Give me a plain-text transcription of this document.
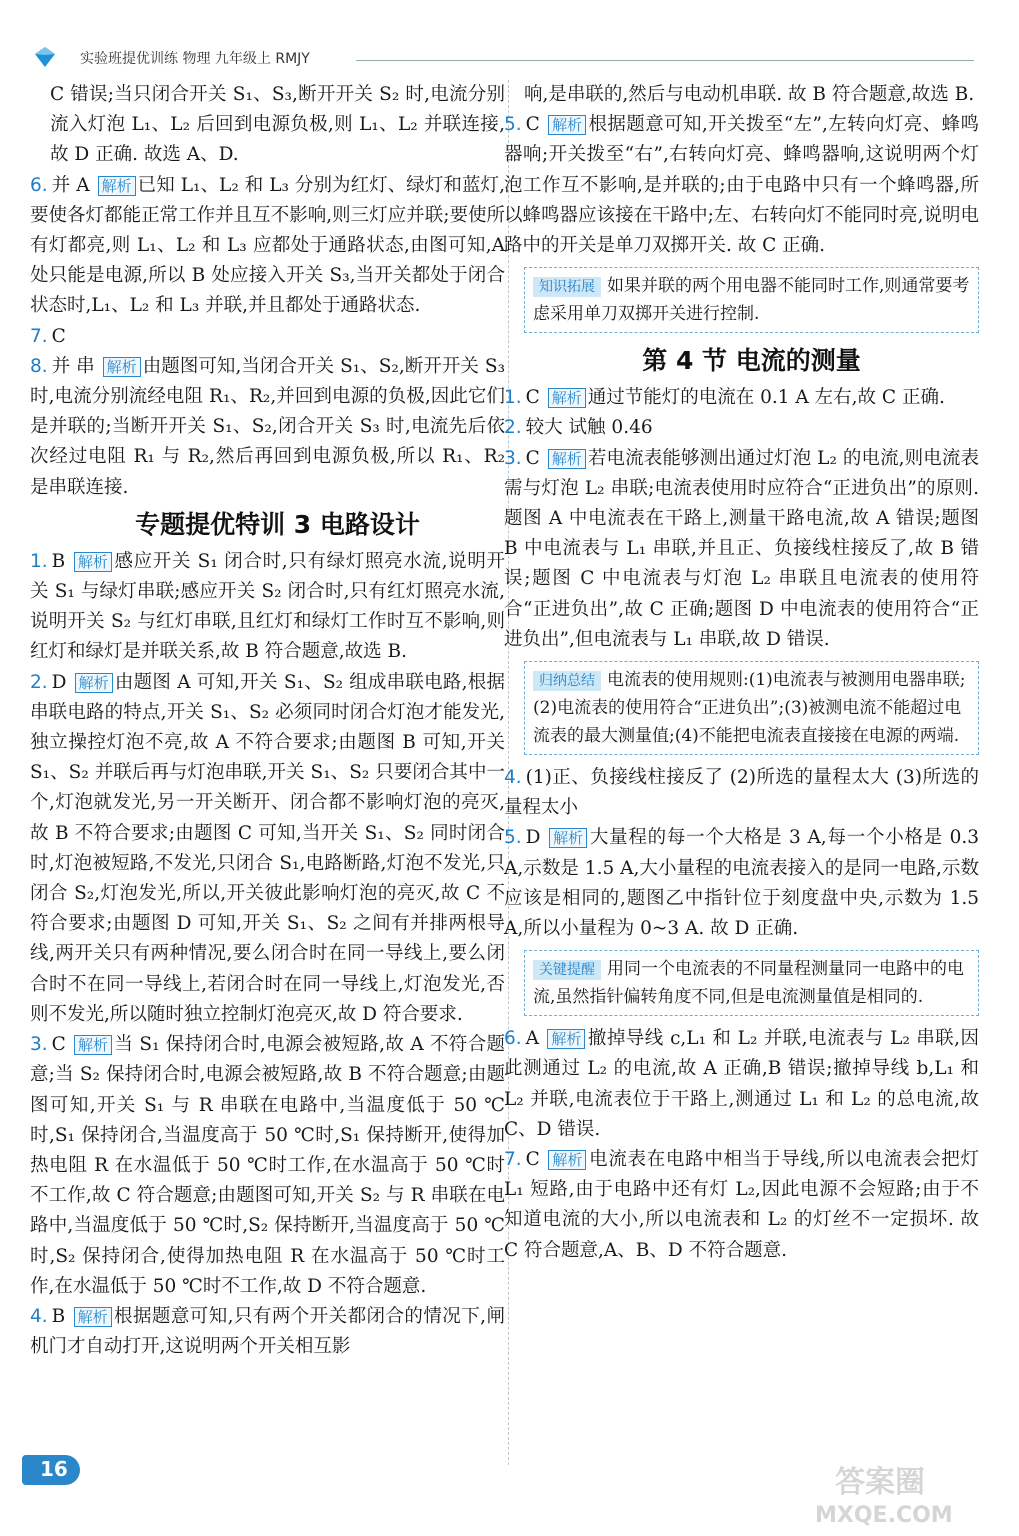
实验班提优训练 物理 九年级上 RMJY

C 错误;当只闭合开关 S₁、S₃,断开开关 S₂ 时,电流分别流入灯泡 L₁、L₂ 后回到电源负极,则 L₁、L₂ 并联连接,故 D 正确. 故选 A、D.

6. 并 A 解析 已知 L₁、L₂ 和 L₃ 分别为红灯、绿灯和蓝灯,要使各灯都能正常工作并且互不影响,则三灯应并联;要使所有灯都亮,则 L₁、L₂ 和 L₃ 应都处于通路状态,由图可知,A 处只能是电源,所以 B 处应接入开关 S₃,当开关都处于闭合状态时,L₁、L₂ 和 L₃ 并联,并且都处于通路状态.

7. C

8. 并 串 解析 由题图可知,当闭合开关 S₁、S₂,断开开关 S₃ 时,电流分别流经电阻 R₁、R₂,并回到电源的负极,因此它们是并联的;当断开开关 S₁、S₂,闭合开关 S₃ 时,电流先后依次经过电阻 R₁ 与 R₂,然后再回到电源负极,所以 R₁、R₂ 是串联连接.

专题提优特训 3 电路设计

1. B 解析 感应开关 S₁ 闭合时,只有绿灯照亮水流,说明开关 S₁ 与绿灯串联;感应开关 S₂ 闭合时,只有红灯照亮水流,说明开关 S₂ 与红灯串联,且红灯和绿灯工作时互不影响,则红灯和绿灯是并联关系,故 B 符合题意,故选 B.

2. D 解析 由题图 A 可知,开关 S₁、S₂ 组成串联电路,根据串联电路的特点,开关 S₁、S₂ 必须同时闭合灯泡才能发光,独立操控灯泡不亮,故 A 不符合要求;由题图 B 可知,开关 S₁、S₂ 并联后再与灯泡串联,开关 S₁、S₂ 只要闭合其中一个,灯泡就发光,另一开关断开、闭合都不影响灯泡的亮灭,故 B 不符合要求;由题图 C 可知,当开关 S₁、S₂ 同时闭合时,灯泡被短路,不发光,只闭合 S₁,电路断路,灯泡不发光,只闭合 S₂,灯泡发光,所以,开关彼此影响灯泡的亮灭,故 C 不符合要求;由题图 D 可知,开关 S₁、S₂ 之间有并排两根导线,两开关只有两种情况,要么闭合时在同一导线上,要么闭合时不在同一导线上,若闭合时在同一导线上,灯泡发光,否则不发光,所以随时独立控制灯泡亮灭,故 D 符合要求.

3. C 解析 当 S₁ 保持闭合时,电源会被短路,故 A 不符合题意;当 S₂ 保持闭合时,电源会被短路,故 B 不符合题意;由题图可知,开关 S₁ 与 R 串联在电路中,当温度低于 50 ℃时,S₁ 保持闭合,当温度高于 50 ℃时,S₁ 保持断开,使得加热电阻 R 在水温低于 50 ℃时工作,在水温高于 50 ℃时不工作,故 C 符合题意;由题图可知,开关 S₂ 与 R 串联在电路中,当温度低于 50 ℃时,S₂ 保持断开,当温度高于 50 ℃时,S₂ 保持闭合,使得加热电阻 R 在水温高于 50 ℃时工作,在水温低于 50 ℃时不工作,故 D 不符合题意.

4. B 解析 根据题意可知,只有两个开关都闭合的情况下,闸机门才自动打开,这说明两个开关相互影

响,是串联的,然后与电动机串联. 故 B 符合题意,故选 B.

5. C 解析 根据题意可知,开关拨至“左”,左转向灯亮、蜂鸣器响;开关拨至“右”,右转向灯亮、蜂鸣器响,这说明两个灯泡工作互不影响,是并联的;由于电路中只有一个蜂鸣器,所以蜂鸣器应该接在干路中;左、右转向灯不能同时亮,说明电路中的开关是单刀双掷开关. 故 C 正确.

知识拓展 如果并联的两个用电器不能同时工作,则通常要考虑采用单刀双掷开关进行控制.
第 4 节 电流的测量

1. C 解析 通过节能灯的电流在 0.1 A 左右,故 C 正确.

2. 较大 试触 0.46

3. C 解析 若电流表能够测出通过灯泡 L₂ 的电流,则电流表需与灯泡 L₂ 串联;电流表使用时应符合“正进负出”的原则. 题图 A 中电流表在干路上,测量干路电流,故 A 错误;题图 B 中电流表与 L₁ 串联,并且正、负接线柱接反了,故 B 错误;题图 C 中电流表与灯泡 L₂ 串联且电流表的使用符合“正进负出”,故 C 正确;题图 D 中电流表的使用符合“正进负出”,但电流表与 L₁ 串联,故 D 错误.

归纳总结 电流表的使用规则:(1)电流表与被测用电器串联;(2)电流表的使用符合“正进负出”;(3)被测电流不能超过电流表的最大测量值;(4)不能把电流表直接接在电源的两端.

4. (1)正、负接线柱接反了 (2)所选的量程太大 (3)所选的量程太小

5. D 解析 大量程的每一个大格是 3 A,每一个小格是 0.3 A,示数是 1.5 A,大小量程的电流表接入的是同一电路,示数应该是相同的,题图乙中指针位于刻度盘中央,示数为 1.5 A,所以小量程为 0~3 A. 故 D 正确.

关键提醒 用同一个电流表的不同量程测量同一电路中的电流,虽然指针偏转角度不同,但是电流测量值是相同的.

6. A 解析 撤掉导线 c,L₁ 和 L₂ 并联,电流表与 L₂ 串联,因此测通过 L₂ 的电流,故 A 正确,B 错误;撤掉导线 b,L₁ 和 L₂ 并联,电流表位于干路上,测通过 L₁ 和 L₂ 的总电流,故 C、D 错误.

7. C 解析 电流表在电路中相当于导线,所以电流表会把灯 L₁ 短路,由于电路中还有灯 L₂,因此电源不会短路;由于不知道电流的大小,所以电流表和 L₂ 的灯丝不一定损坏. 故 C 符合题意,A、B、D 不符合题意.

16	答案圈 MXQE.COM
